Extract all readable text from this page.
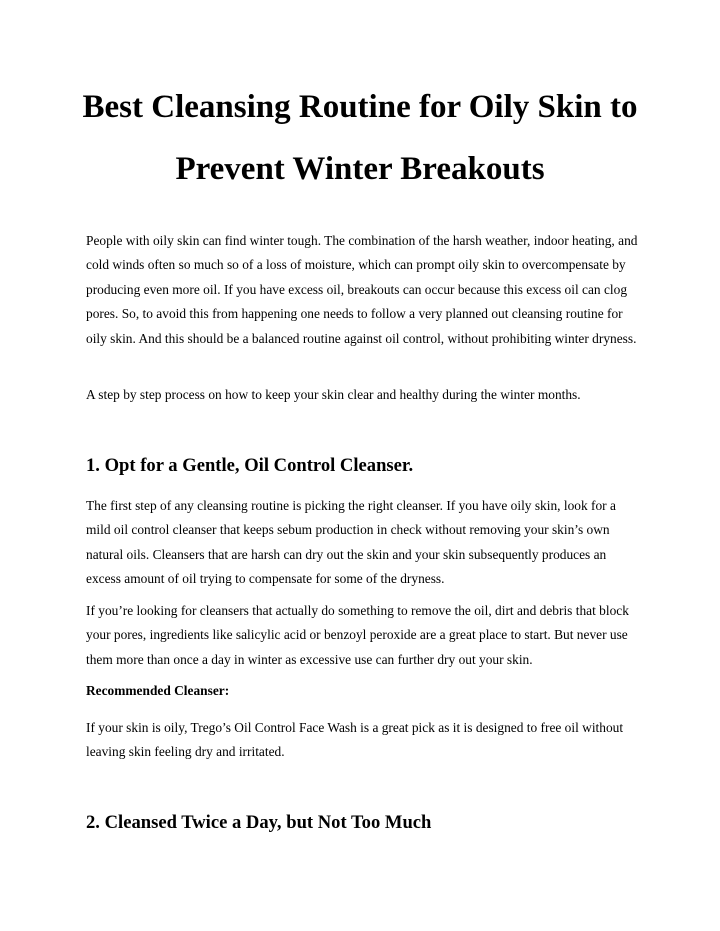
Best Cleansing Routine for Oily Skin to Prevent Winter Breakouts

People with oily skin can find winter tough. The combination of the harsh weather, indoor heating, and cold winds often so much so of a loss of moisture, which can prompt oily skin to overcompensate by producing even more oil. If you have excess oil, breakouts can occur because this excess oil can clog pores. So, to avoid this from happening one needs to follow a very planned out cleansing routine for oily skin. And this should be a balanced routine against oil control, without prohibiting winter dryness.

A step by step process on how to keep your skin clear and healthy during the winter months.

1. Opt for a Gentle, Oil Control Cleanser.

The first step of any cleansing routine is picking the right cleanser. If you have oily skin, look for a mild oil control cleanser that keeps sebum production in check without removing your skin’s own natural oils. Cleansers that are harsh can dry out the skin and your skin subsequently produces an excess amount of oil trying to compensate for some of the dryness.

If you’re looking for cleansers that actually do something to remove the oil, dirt and debris that block your pores, ingredients like salicylic acid or benzoyl peroxide are a great place to start. But never use them more than once a day in winter as excessive use can further dry out your skin.

Recommended Cleanser:

If your skin is oily, Trego’s Oil Control Face Wash is a great pick as it is designed to free oil without leaving skin feeling dry and irritated.

2. Cleansed Twice a Day, but Not Too Much
